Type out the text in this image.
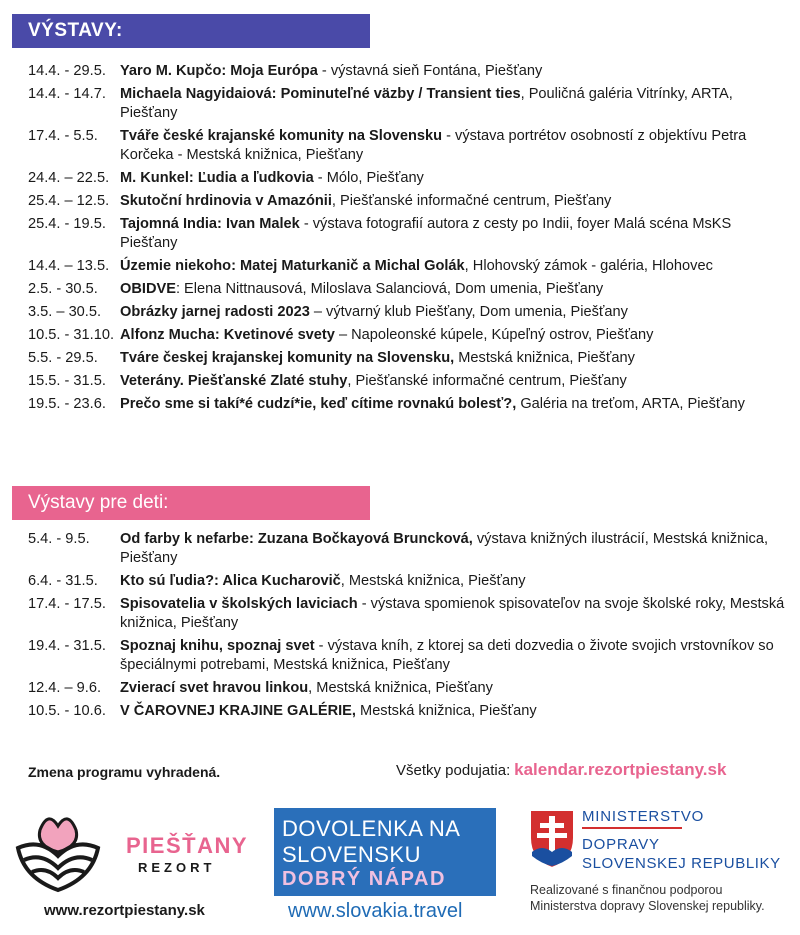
VÝSTAVY:
14.4. - 29.5. Yaro M. Kupčo: Moja Európa - výstavná sieň Fontána, Piešťany
14.4. - 14.7. Michaela Nagyidaiová: Pominuteľné väzby / Transient ties, Pouličná galéria Vitrínky, ARTA, Piešťany
17.4. - 5.5.	Tváře české krajanské komunity na Slovensku - výstava portrétov osobností z objektívu Petra Korčeka - Mestská knižnica, Piešťany
24.4. – 22.5. M. Kunkel: Ľudia a ľudkovia - Mólo, Piešťany
25.4. – 12.5. Skutoční hrdinovia v Amazónii, Piešťanské informačné centrum, Piešťany
25.4. - 19.5. Tajomná India: Ivan Malek - výstava fotografií autora z cesty po Indii, foyer Malá scéna MsKS Piešťany
14.4. – 13.5. Územie niekoho: Matej Maturkanič a Michal Golák, Hlohovský zámok - galéria, Hlohovec
2.5. - 30.5.	OBIDVE: Elena Nittnausová, Miloslava Salanciová, Dom umenia, Piešťany
3.5. – 30.5.	Obrázky jarnej radosti 2023 – výtvarný klub Piešťany, Dom umenia, Piešťany
10.5. - 31.10. Alfonz Mucha: Kvetinové svety – Napoleonské kúpele, Kúpeľný ostrov, Piešťany
5.5. - 29.5.	Tváre českej krajanskej komunity na Slovensku, Mestská knižnica, Piešťany
15.5. - 31.5. Veterány. Piešťanské Zlaté stuhy, Piešťanské informačné centrum, Piešťany
19.5. - 23.6. Prečo sme si takí*é cudzí*ie, keď cítime rovnakú bolesť?, Galéria na treťom, ARTA, Piešťany
Výstavy pre deti:
5.4. - 9.5.	Od farby k nefarbe: Zuzana Bočkayová Bruncková, výstava knižných ilustrácií, Mestská knižnica, Piešťany
6.4. - 31.5.	Kto sú ľudia?: Alica Kucharovič, Mestská knižnica, Piešťany
17.4. - 17.5. Spisovatelia v školských laviciach - výstava spomienok spisovateľov na svoje školské roky, Mestská knižnica, Piešťany
19.4. - 31.5. Spoznaj knihu, spoznaj svet - výstava kníh, z ktorej sa deti dozvedia o živote svojich vrstovníkov so špeciálnymi potrebami, Mestská knižnica, Piešťany
12.4. – 9.6.	Zvierací svet hravou linkou, Mestská knižnica, Piešťany
10.5. - 10.6. V ČAROVNEJ KRAJINE GALÉRIE, Mestská knižnica, Piešťany
Zmena programu vyhradená.	Všetky podujatia: kalendar.rezortpiestany.sk
PIEŠŤANY
REZORT
www.rezortpiestany.sk
DOVOLENKA NA
SLOVENSKU
DOBRÝ NÁPAD
www.slovakia.travel
MINISTERSTVO
DOPRAVY
SLOVENSKEJ REPUBLIKY
Realizované s finančnou podporou Ministerstva dopravy Slovenskej republiky.
